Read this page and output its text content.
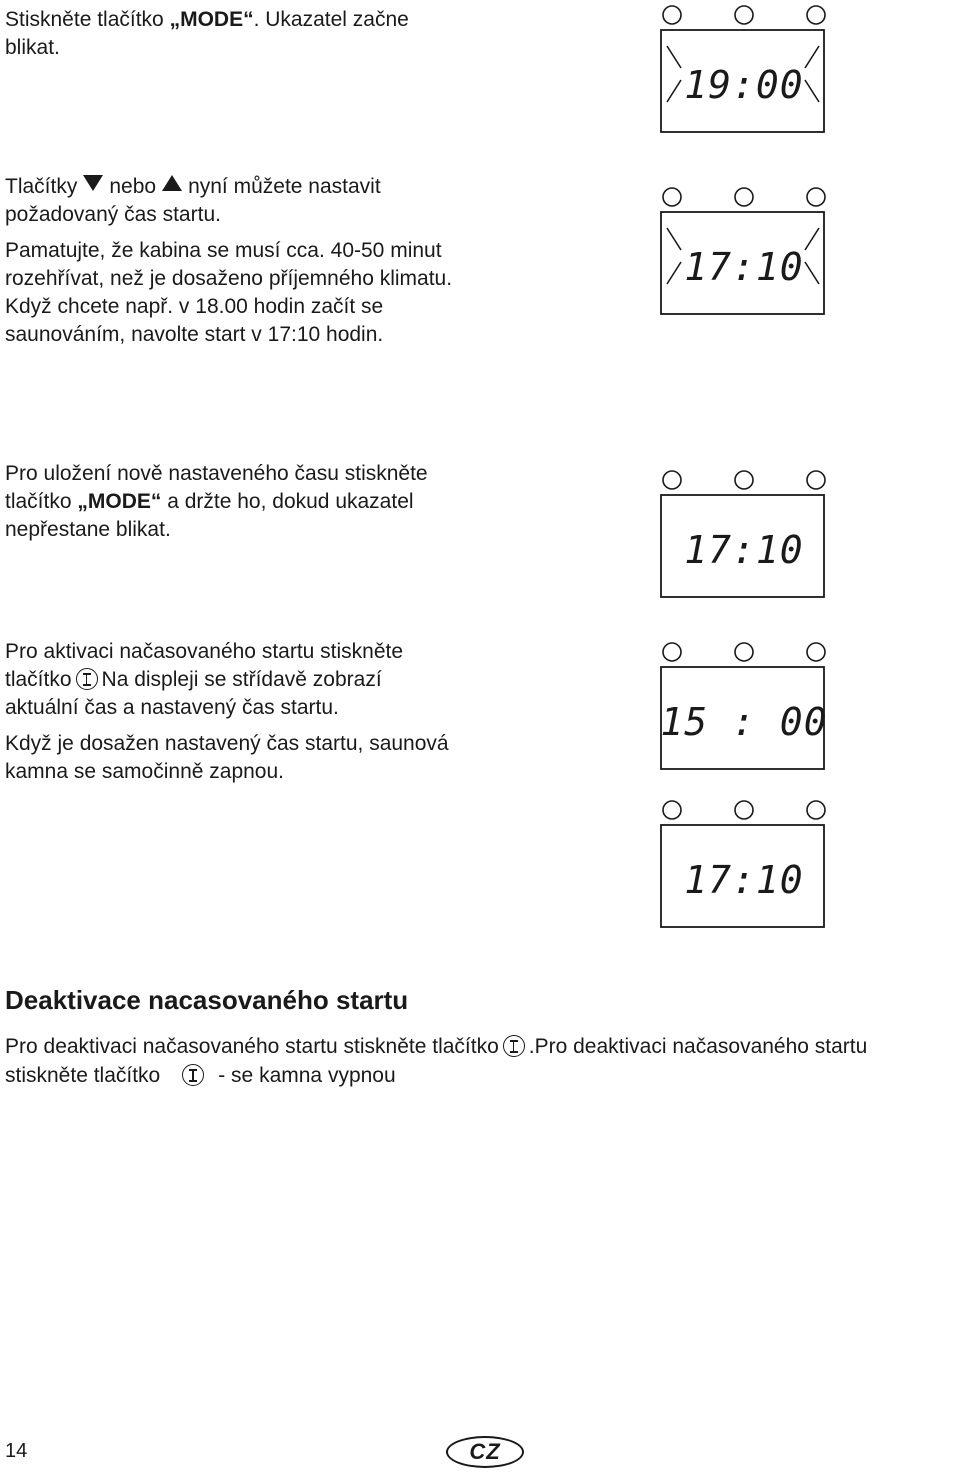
Stiskněte tlačítko „MODE“. Ukazatel začne blikat.

Tlačítky nebo nyní můžete nastavit požadovaný čas startu.

Pamatujte, že kabina se musí cca. 40-50 minut rozehřívat, než je dosaženo příjemného klimatu. Když chcete např. v 18.00 hodin začít se saunováním, navolte start v 17:10 hodin.

Pro uložení nově nastaveného času stiskněte tlačítko „MODE“ a držte ho, dokud ukazatel nepřestane blikat.

Pro aktivaci načasovaného startu stiskněte tlačítko Na displeji se střídavě zobrazí aktuální čas a nastavený čas startu.

Když je dosažen nastavený čas startu, saunová kamna se samočinně zapnou.

19:00
17:10
17:10
15 : 00
17:10
Deaktivace nacasovaného startu

Pro deaktivaci načasovaného startu stiskněte tlačítko .Pro deaktivaci načasovaného startu

stiskněte tlačítko	- se kamna vypnou

14	CZ
